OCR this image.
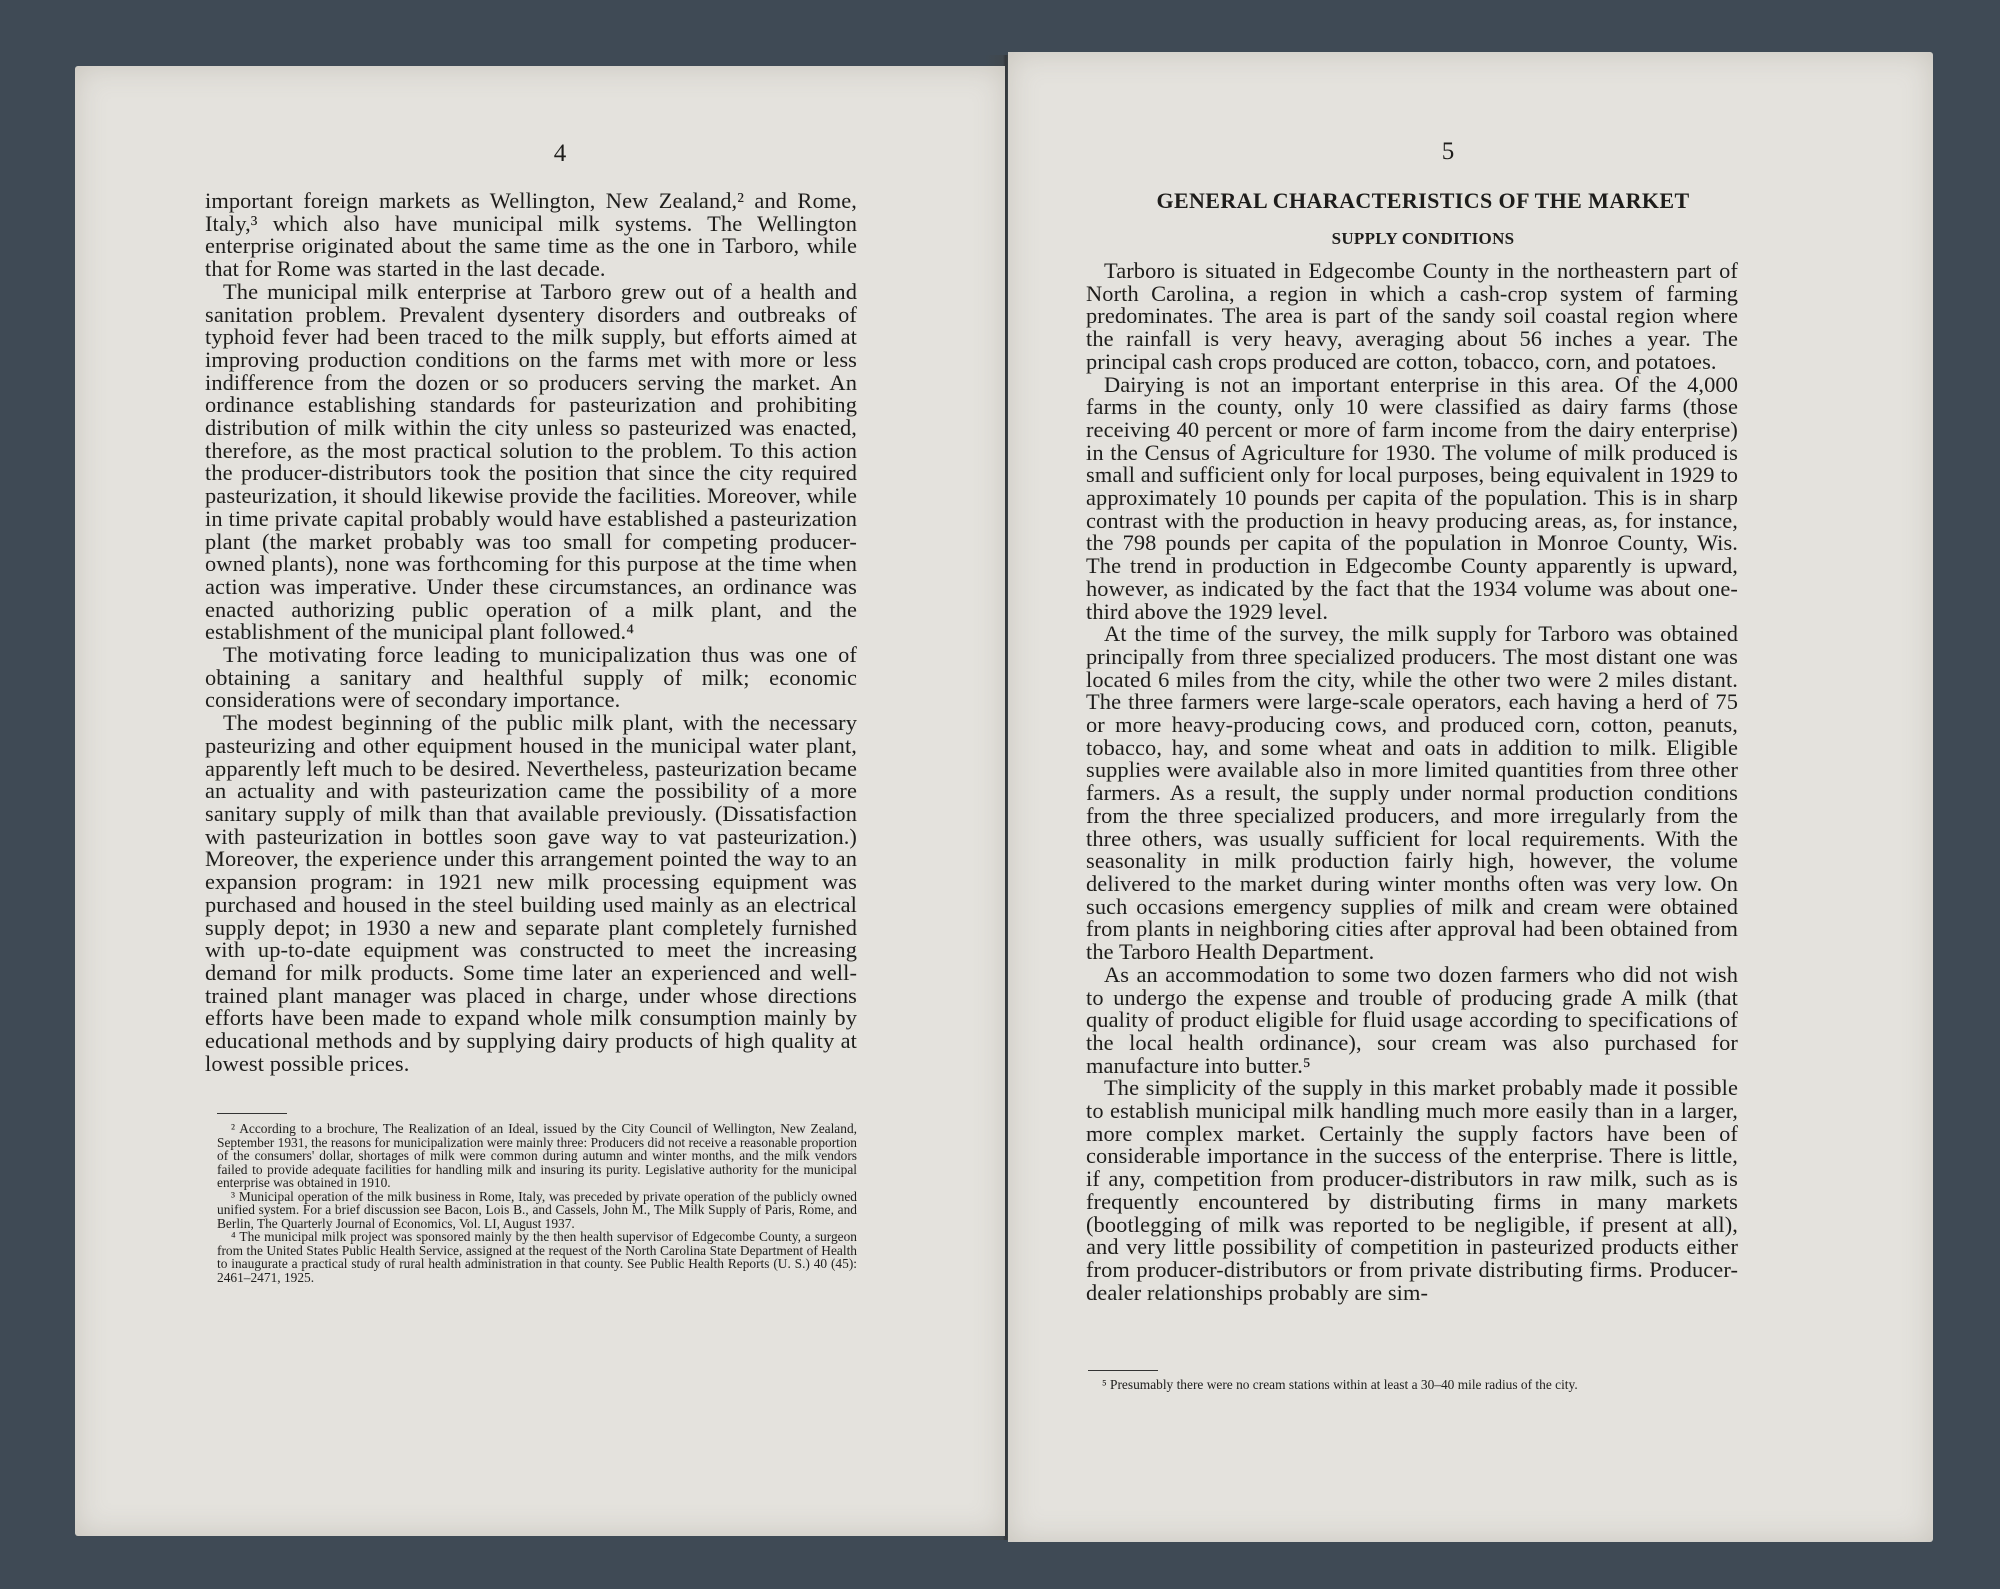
4

important foreign markets as Wellington, New Zealand,² and Rome, Italy,³ which also have municipal milk systems. The Wellington enterprise originated about the same time as the one in Tarboro, while that for Rome was started in the last decade.

The municipal milk enterprise at Tarboro grew out of a health and sanitation problem. Prevalent dysentery disorders and outbreaks of typhoid fever had been traced to the milk supply, but efforts aimed at improving production conditions on the farms met with more or less indifference from the dozen or so producers serving the market. An ordinance establishing standards for pasteurization and prohibiting distribution of milk within the city unless so pasteurized was enacted, therefore, as the most practical solution to the problem. To this action the producer-distributors took the position that since the city required pasteurization, it should likewise provide the facilities. Moreover, while in time private capital probably would have established a pasteurization plant (the market probably was too small for competing producer-owned plants), none was forthcoming for this purpose at the time when action was imperative. Under these circumstances, an ordinance was enacted authorizing public operation of a milk plant, and the establishment of the municipal plant followed.⁴

The motivating force leading to municipalization thus was one of obtaining a sanitary and healthful supply of milk; economic considerations were of secondary importance.

The modest beginning of the public milk plant, with the necessary pasteurizing and other equipment housed in the municipal water plant, apparently left much to be desired. Nevertheless, pasteurization became an actuality and with pasteurization came the possibility of a more sanitary supply of milk than that available previously. (Dissatisfaction with pasteurization in bottles soon gave way to vat pasteurization.) Moreover, the experience under this arrangement pointed the way to an expansion program: in 1921 new milk processing equipment was purchased and housed in the steel building used mainly as an electrical supply depot; in 1930 a new and separate plant completely furnished with up-to-date equipment was constructed to meet the increasing demand for milk products. Some time later an experienced and well-trained plant manager was placed in charge, under whose directions efforts have been made to expand whole milk consumption mainly by educational methods and by supplying dairy products of high quality at lowest possible prices.

² According to a brochure, The Realization of an Ideal, issued by the City Council of Wellington, New Zealand, September 1931, the reasons for municipalization were mainly three: Producers did not receive a reasonable proportion of the consumers' dollar, shortages of milk were common during autumn and winter months, and the milk vendors failed to provide adequate facilities for handling milk and insuring its purity. Legislative authority for the municipal enterprise was obtained in 1910.

³ Municipal operation of the milk business in Rome, Italy, was preceded by private operation of the publicly owned unified system. For a brief discussion see Bacon, Lois B., and Cassels, John M., The Milk Supply of Paris, Rome, and Berlin, The Quarterly Journal of Economics, Vol. LI, August 1937.

⁴ The municipal milk project was sponsored mainly by the then health supervisor of Edgecombe County, a surgeon from the United States Public Health Service, assigned at the request of the North Carolina State Department of Health to inaugurate a practical study of rural health administration in that county. See Public Health Reports (U. S.) 40 (45): 2461–2471, 1925.

5
GENERAL CHARACTERISTICS OF THE MARKET
SUPPLY CONDITIONS

Tarboro is situated in Edgecombe County in the northeastern part of North Carolina, a region in which a cash-crop system of farming predominates. The area is part of the sandy soil coastal region where the rainfall is very heavy, averaging about 56 inches a year. The principal cash crops produced are cotton, tobacco, corn, and potatoes.

Dairying is not an important enterprise in this area. Of the 4,000 farms in the county, only 10 were classified as dairy farms (those receiving 40 percent or more of farm income from the dairy enterprise) in the Census of Agriculture for 1930. The volume of milk produced is small and sufficient only for local purposes, being equivalent in 1929 to approximately 10 pounds per capita of the population. This is in sharp contrast with the production in heavy producing areas, as, for instance, the 798 pounds per capita of the population in Monroe County, Wis. The trend in production in Edgecombe County apparently is upward, however, as indicated by the fact that the 1934 volume was about one-third above the 1929 level.

At the time of the survey, the milk supply for Tarboro was obtained principally from three specialized producers. The most distant one was located 6 miles from the city, while the other two were 2 miles distant. The three farmers were large-scale operators, each having a herd of 75 or more heavy-producing cows, and produced corn, cotton, peanuts, tobacco, hay, and some wheat and oats in addition to milk. Eligible supplies were available also in more limited quantities from three other farmers. As a result, the supply under normal production conditions from the three specialized producers, and more irregularly from the three others, was usually sufficient for local requirements. With the seasonality in milk production fairly high, however, the volume delivered to the market during winter months often was very low. On such occasions emergency supplies of milk and cream were obtained from plants in neighboring cities after approval had been obtained from the Tarboro Health Department.

As an accommodation to some two dozen farmers who did not wish to undergo the expense and trouble of producing grade A milk (that quality of product eligible for fluid usage according to specifications of the local health ordinance), sour cream was also purchased for manufacture into butter.⁵

The simplicity of the supply in this market probably made it possible to establish municipal milk handling much more easily than in a larger, more complex market. Certainly the supply factors have been of considerable importance in the success of the enterprise. There is little, if any, competition from producer-distributors in raw milk, such as is frequently encountered by distributing firms in many markets (bootlegging of milk was reported to be negligible, if present at all), and very little possibility of competition in pasteurized products either from producer-distributors or from private distributing firms. Producer-dealer relationships probably are sim-

⁵ Presumably there were no cream stations within at least a 30–40 mile radius of the city.
